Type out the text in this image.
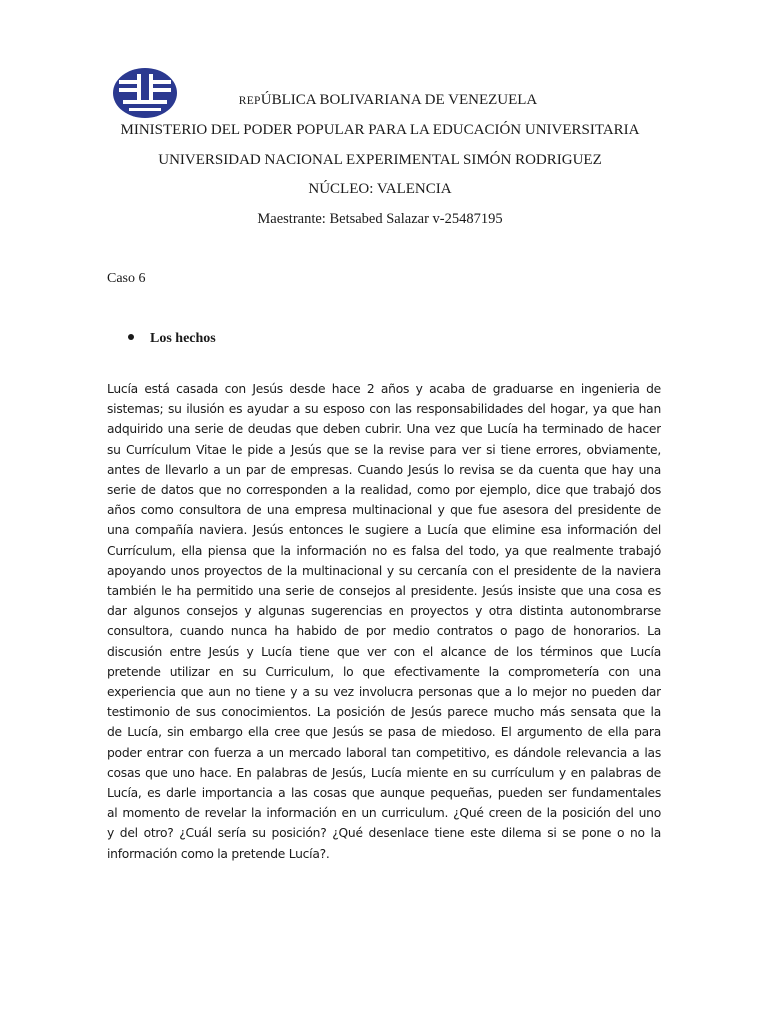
REPÚBLICA BOLIVARIANA DE VENEZUELA
MINISTERIO DEL PODER POPULAR PARA LA EDUCACIÓN UNIVERSITARIA
UNIVERSIDAD NACIONAL EXPERIMENTAL SIMÓN RODRIGUEZ
NÚCLEO: VALENCIA
Maestrante: Betsabed Salazar v-25487195
Caso 6
Los hechos
Lucía está casada con Jesús desde hace 2 años y acaba de graduarse en ingenieria de
sistemas; su ilusión es ayudar a su esposo con las responsabilidades del hogar, ya que han
adquirido una serie de deudas que deben cubrir. Una vez que Lucía ha terminado de hacer
su Currículum Vitae le pide a Jesús que se la revise para ver si tiene errores, obviamente,
antes de llevarlo a un par de empresas. Cuando Jesús lo revisa se da cuenta que hay una
serie de datos que no corresponden a la realidad, como por ejemplo, dice que trabajó dos
años como consultora de una empresa multinacional y que fue asesora del presidente de
una compañía naviera. Jesús entonces le sugiere a Lucía que elimine esa información del
Currículum, ella piensa que la información no es falsa del todo, ya que realmente trabajó
apoyando unos proyectos de la multinacional y su cercanía con el presidente de la naviera
también le ha permitido una serie de consejos al presidente. Jesús insiste que una cosa es
dar algunos consejos y algunas sugerencias en proyectos y otra distinta autonombrarse
consultora, cuando nunca ha habido de por medio contratos o pago de honorarios. La
discusión entre Jesús y Lucía tiene que ver con el alcance de los términos que Lucía
pretende utilizar en su Curriculum, lo que efectivamente la comprometería con una
experiencia que aun no tiene y a su vez involucra personas que a lo mejor no pueden dar
testimonio de sus conocimientos. La posición de Jesús parece mucho más sensata que la
de Lucía, sin embargo ella cree que Jesús se pasa de miedoso. El argumento de ella para
poder entrar con fuerza a un mercado laboral tan competitivo, es dándole relevancia a las
cosas que uno hace. En palabras de Jesús, Lucía miente en su currículum y en palabras de
Lucía, es darle importancia a las cosas que aunque pequeñas, pueden ser fundamentales
al momento de revelar la información en un curriculum. ¿Qué creen de la posición del uno
y del otro? ¿Cuál sería su posición? ¿Qué desenlace tiene este dilema si se pone o no la
información como la pretende Lucía?.
